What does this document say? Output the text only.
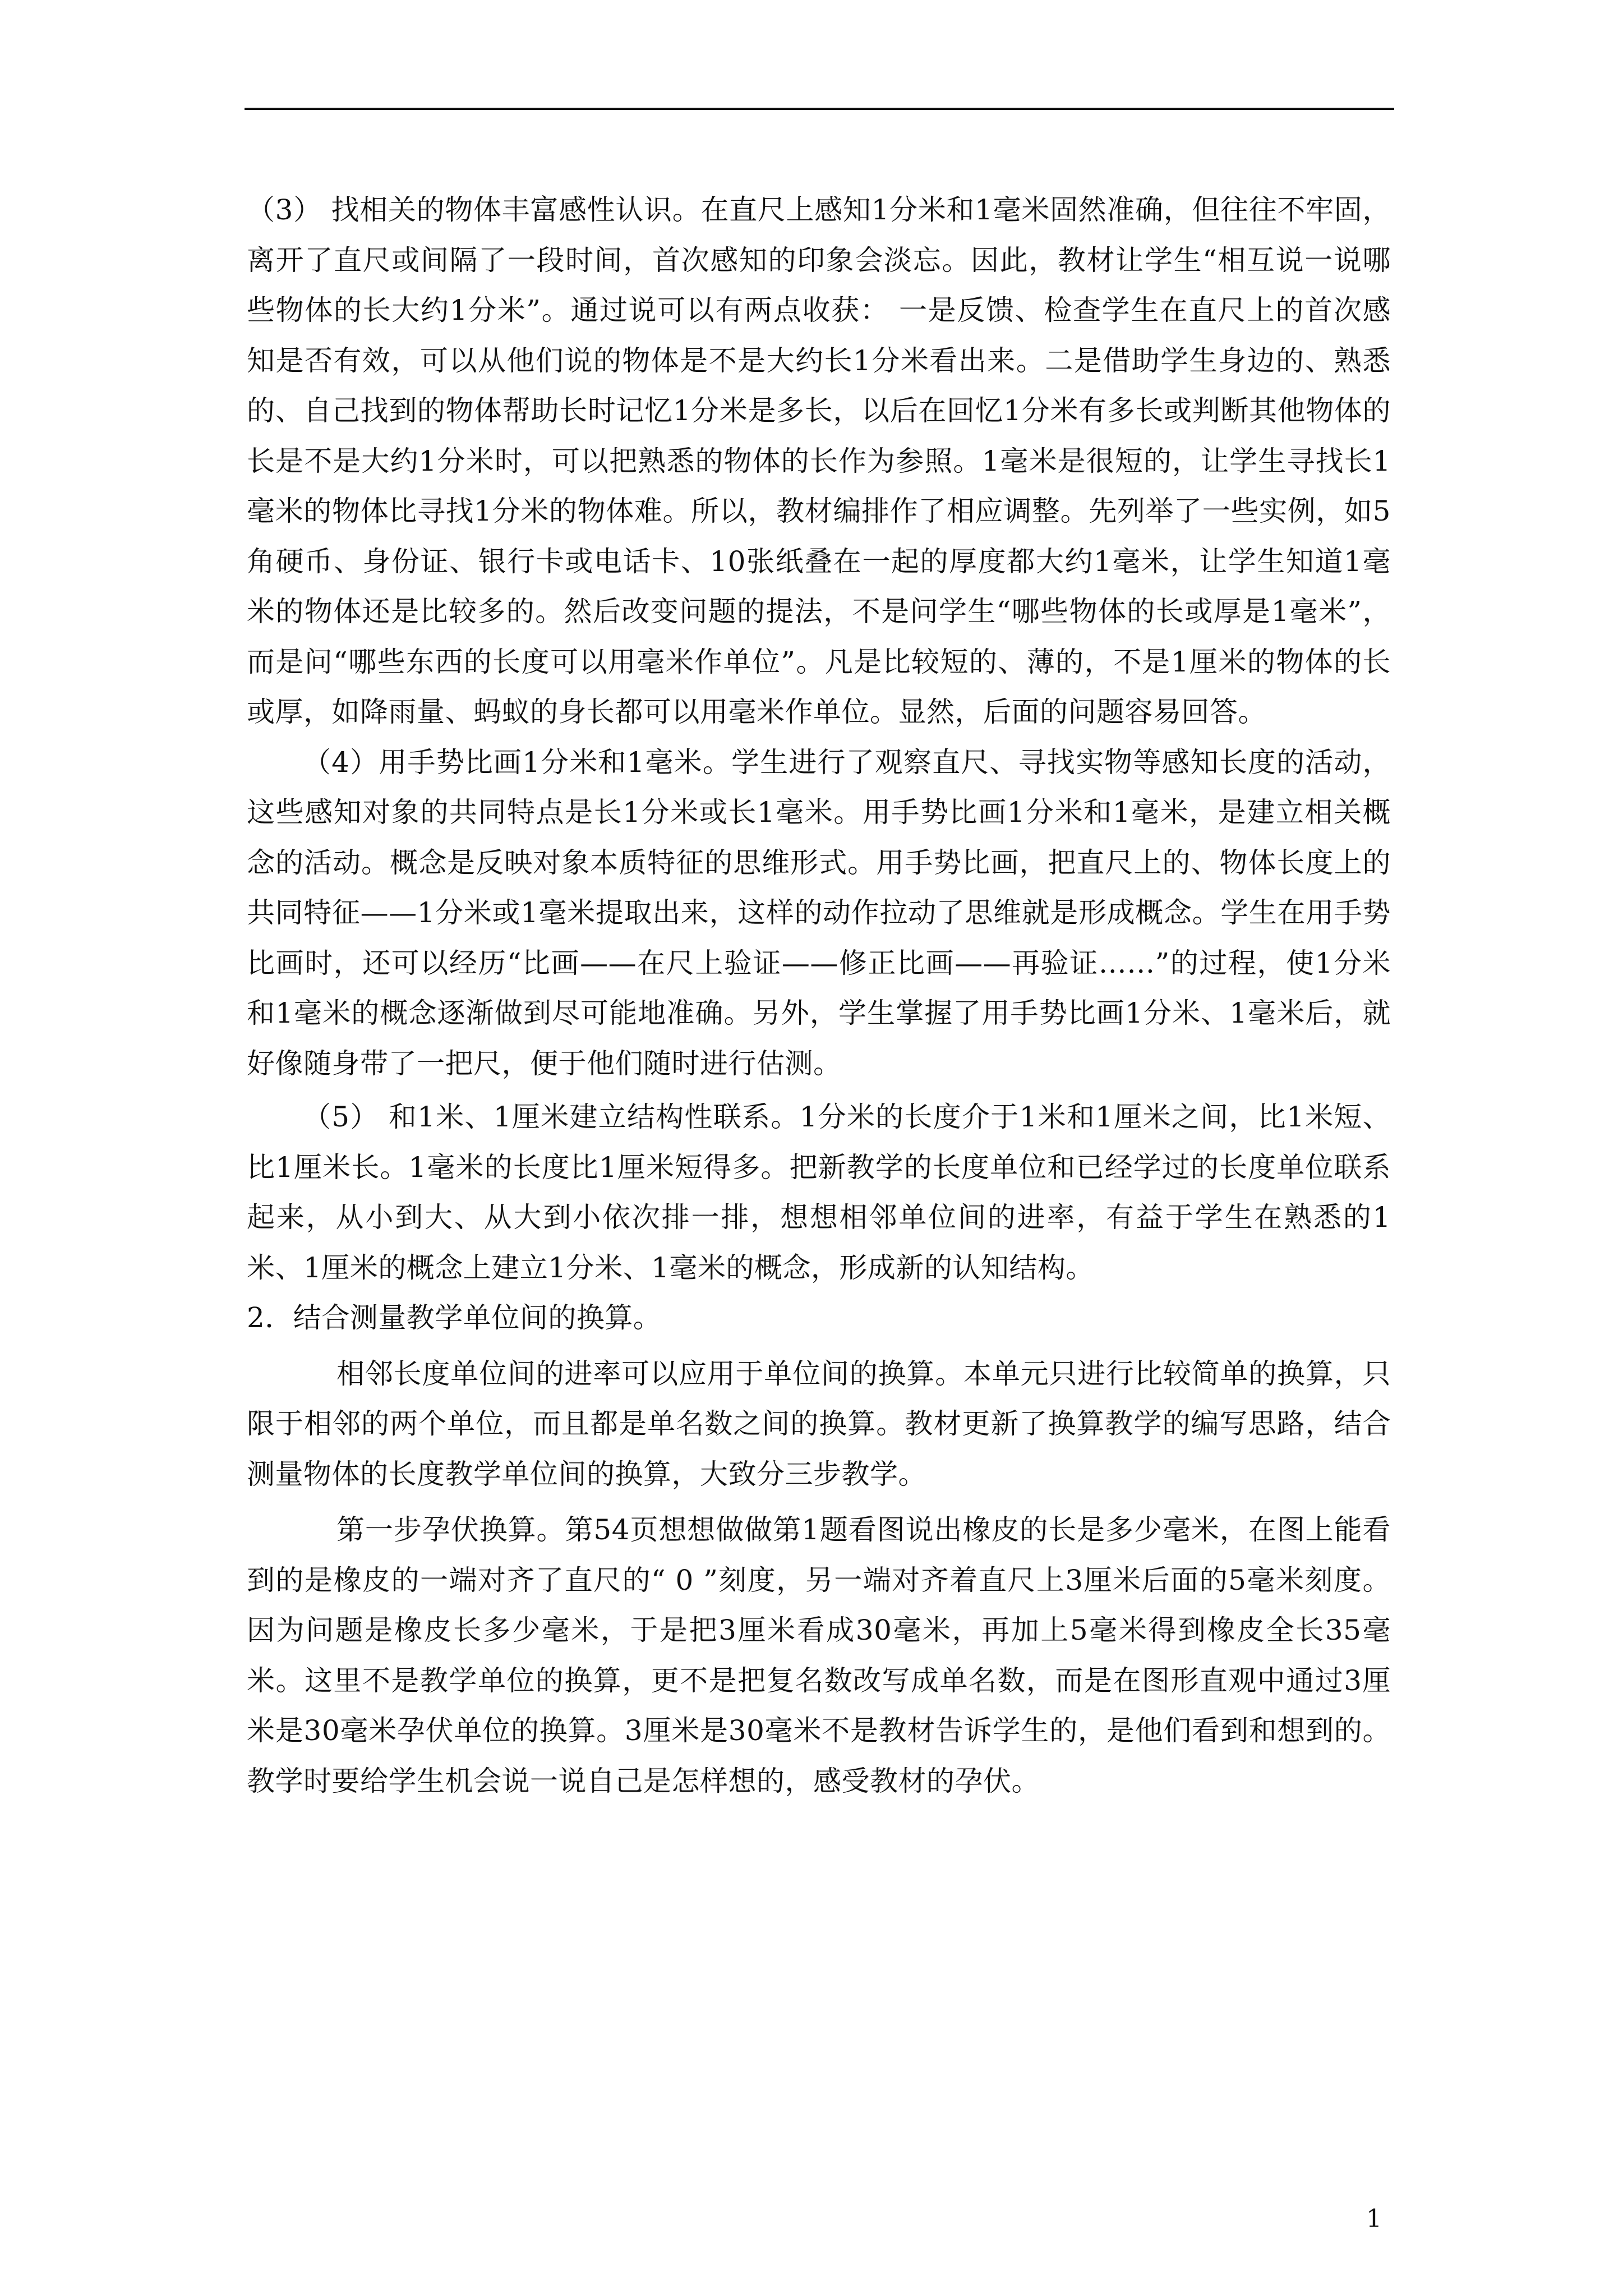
（3） 找相关的物体丰富感性认识。在直尺上感知1分米和1毫米固然准确，但往往不牢固，离开了直尺或间隔了一段时间，首次感知的印象会淡忘。因此，教材让学生“相互说一说哪些物体的长大约1分米”。通过说可以有两点收获： 一是反馈、检查学生在直尺上的首次感知是否有效，可以从他们说的物体是不是大约长1分米看出来。二是借助学生身边的、熟悉的、自己找到的物体帮助长时记忆1分米是多长，以后在回忆1分米有多长或判断其他物体的长是不是大约1分米时，可以把熟悉的物体的长作为参照。1毫米是很短的，让学生寻找长1毫米的物体比寻找1分米的物体难。所以，教材编排作了相应调整。先列举了一些实例，如5角硬币、身份证、银行卡或电话卡、10张纸叠在一起的厚度都大约1毫米，让学生知道1毫米的物体还是比较多的。然后改变问题的提法，不是问学生“哪些物体的长或厚是1毫米”，而是问“哪些东西的长度可以用毫米作单位”。凡是比较短的、薄的，不是1厘米的物体的长或厚，如降雨量、蚂蚁的身长都可以用毫米作单位。显然，后面的问题容易回答。

（4）用手势比画1分米和1毫米。学生进行了观察直尺、寻找实物等感知长度的活动，这些感知对象的共同特点是长1分米或长1毫米。用手势比画1分米和1毫米，是建立相关概念的活动。概念是反映对象本质特征的思维形式。用手势比画，把直尺上的、物体长度上的共同特征——1分米或1毫米提取出来，这样的动作拉动了思维就是形成概念。学生在用手势比画时，还可以经历“比画——在尺上验证——修正比画——再验证……”的过程，使1分米和1毫米的概念逐渐做到尽可能地准确。另外，学生掌握了用手势比画1分米、1毫米后，就好像随身带了一把尺，便于他们随时进行估测。

（5） 和1米、1厘米建立结构性联系。1分米的长度介于1米和1厘米之间，比1米短、比1厘米长。1毫米的长度比1厘米短得多。把新教学的长度单位和已经学过的长度单位联系起来，从小到大、从大到小依次排一排，想想相邻单位间的进率，有益于学生在熟悉的1米、1厘米的概念上建立1分米、1毫米的概念，形成新的认知结构。

2．结合测量教学单位间的换算。

相邻长度单位间的进率可以应用于单位间的换算。本单元只进行比较简单的换算，只限于相邻的两个单位，而且都是单名数之间的换算。教材更新了换算教学的编写思路，结合测量物体的长度教学单位间的换算，大致分三步教学。

第一步孕伏换算。第54页想想做做第1题看图说出橡皮的长是多少毫米，在图上能看到的是橡皮的一端对齐了直尺的“ 0 ”刻度，另一端对齐着直尺上3厘米后面的5毫米刻度。因为问题是橡皮长多少毫米，于是把3厘米看成30毫米，再加上5毫米得到橡皮全长35毫米。这里不是教学单位的换算，更不是把复名数改写成单名数，而是在图形直观中通过3厘米是30毫米孕伏单位的换算。3厘米是30毫米不是教材告诉学生的，是他们看到和想到的。教学时要给学生机会说一说自己是怎样想的，感受教材的孕伏。

1
